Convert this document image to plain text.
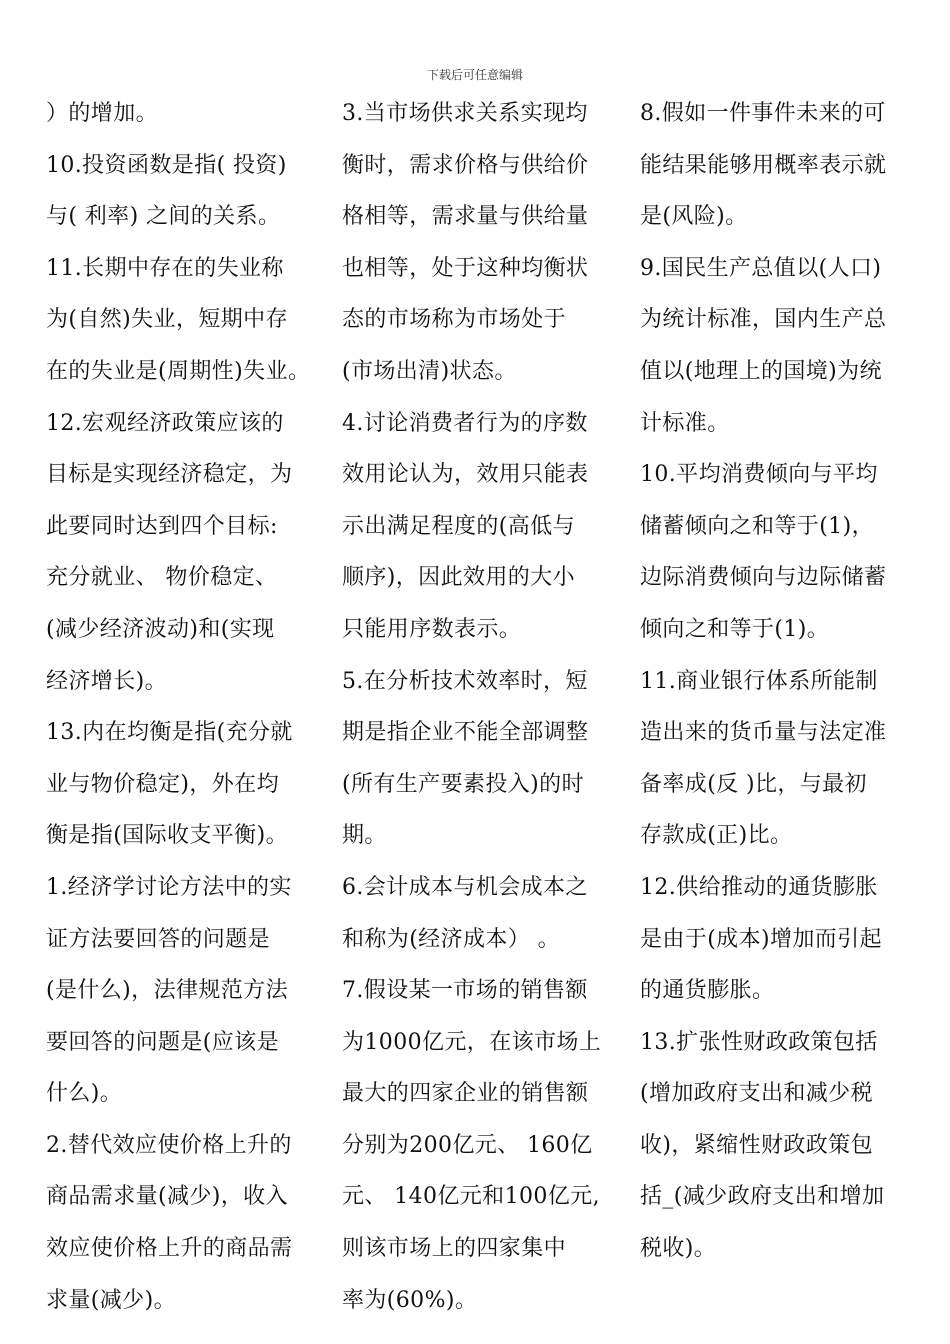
下载后可任意编辑
）的增加。
10.投资函数是指( 投资)
与( 利率) 之间的关系。
11.长期中存在的失业称
为(自然)失业，短期中存
在的失业是(周期性)失业。
12.宏观经济政策应该的
目标是实现经济稳定，为
此要同时达到四个目标:
充分就业、 物价稳定、
(减少经济波动)和(实现
经济增长)。
13.内在均衡是指(充分就
业与物价稳定)，外在均
衡是指(国际收支平衡)。
1.经济学讨论方法中的实
证方法要回答的问题是
(是什么)，法律规范方法
要回答的问题是(应该是
什么)。
2.替代效应使价格上升的
商品需求量(减少)，收入
效应使价格上升的商品需
求量(减少)。
3.当市场供求关系实现均
衡时，需求价格与供给价
格相等，需求量与供给量
也相等，处于这种均衡状
态的市场称为市场处于
(市场出清)状态。
4.讨论消费者行为的序数
效用论认为，效用只能表
示出满足程度的(高低与
顺序)，因此效用的大小
只能用序数表示。
5.在分析技术效率时，短
期是指企业不能全部调整
(所有生产要素投入)的时
期。
6.会计成本与机会成本之
和称为(经济成本） 。
7.假设某一市场的销售额
为1000亿元，在该市场上
最大的四家企业的销售额
分别为200亿元、 160亿
元、 140亿元和100亿元,
则该市场上的四家集中
率为(60%)。
8.假如一件事件未来的可
能结果能够用概率表示就
是(风险)。
9.国民生产总值以(人口)
为统计标准，国内生产总
值以(地理上的国境)为统
计标准。
10.平均消费倾向与平均
储蓄倾向之和等于(1)，
边际消费倾向与边际储蓄
倾向之和等于(1)。
11.商业银行体系所能制
造出来的货币量与法定准
备率成(反 )比，与最初
存款成(正)比。
12.供给推动的通货膨胀
是由于(成本)增加而引起
的通货膨胀。
13.扩张性财政政策包括
(增加政府支出和减少税
收)，紧缩性财政政策包
括_(减少政府支出和增加
税收)。
